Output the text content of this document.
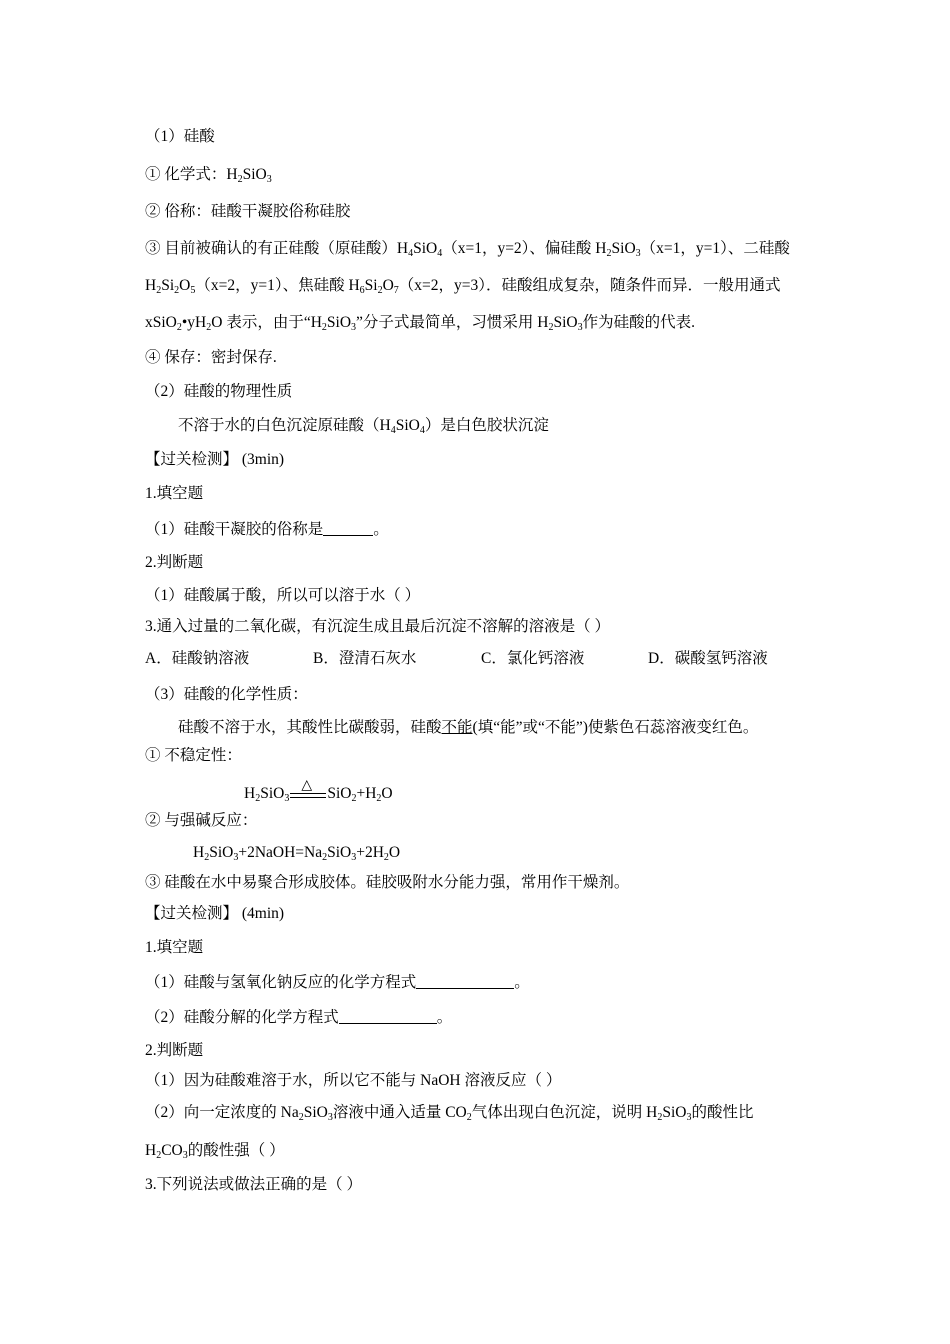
（1）硅酸
① 化学式：$H_2SiO_3$
② 俗称：硅酸干凝胶俗称硅胶
③ 目前被确认的有正硅酸（原硅酸）$H_4SiO_4(x=1$，y=2）、偏硅酸 $H_2SiO_3(x=1$，y=1）、二硅酸
$H_2Si_2O_5(x=2$，y=1）、焦硅酸 $H_6Si_2O_7(x=2$，y=3）．硅酸组成复杂，随条件而异．一般用通式
$xSiO_2•yH_2O$ 表示，由于“$H_2SiO_3$”分子式最简单，习惯采用 $H_2SiO_3$作为硅酸的代表.
④ 保存：密封保存.
（2）硅酸的物理性质
不溶于水的白色沉淀原硅酸$(H_4SiO_4)$是白色胶状沉淀
【过关检测】 (3min)
1.填空题
（1）硅酸干凝胶的俗称是	。
2.判断题
（1）硅酸属于酸，所以可以溶于水（ ）
3.通入过量的二氧化碳，有沉淀生成且最后沉淀不溶解的溶液是（ ）
A．硅酸钠溶液	B．澄清石灰水	C．氯化钙溶液	D．碳酸氢钙溶液
（3）硅酸的化学性质：
硅酸不溶于水，其酸性比碳酸弱，硅酸不能(填“能”或“不能”)使紫色石蕊溶液变红色。
① 不稳定性：
$H_2SiO_3$
△ $SiO_2+H_2O$
② 与强碱反应：
$H_2SiO_3+2NaOH=Na_2SiO_3+2H_2O$
③ 硅酸在水中易聚合形成胶体。硅胶吸附水分能力强，常用作干燥剂。
【过关检测】 (4min)
1.填空题
（1）硅酸与氢氧化钠反应的化学方程式	。
（2）硅酸分解的化学方程式	。
2.判断题
（1）因为硅酸难溶于水，所以它不能与 NaOH 溶液反应（ ）
（2）向一定浓度的 $Na_2SiO_3$溶液中通入适量 $CO_2$气体出现白色沉淀，说明 $H_2SiO_3$的酸性比
$H_2CO_3$的酸性强（ ）
3.下列说法或做法正确的是（ ）
